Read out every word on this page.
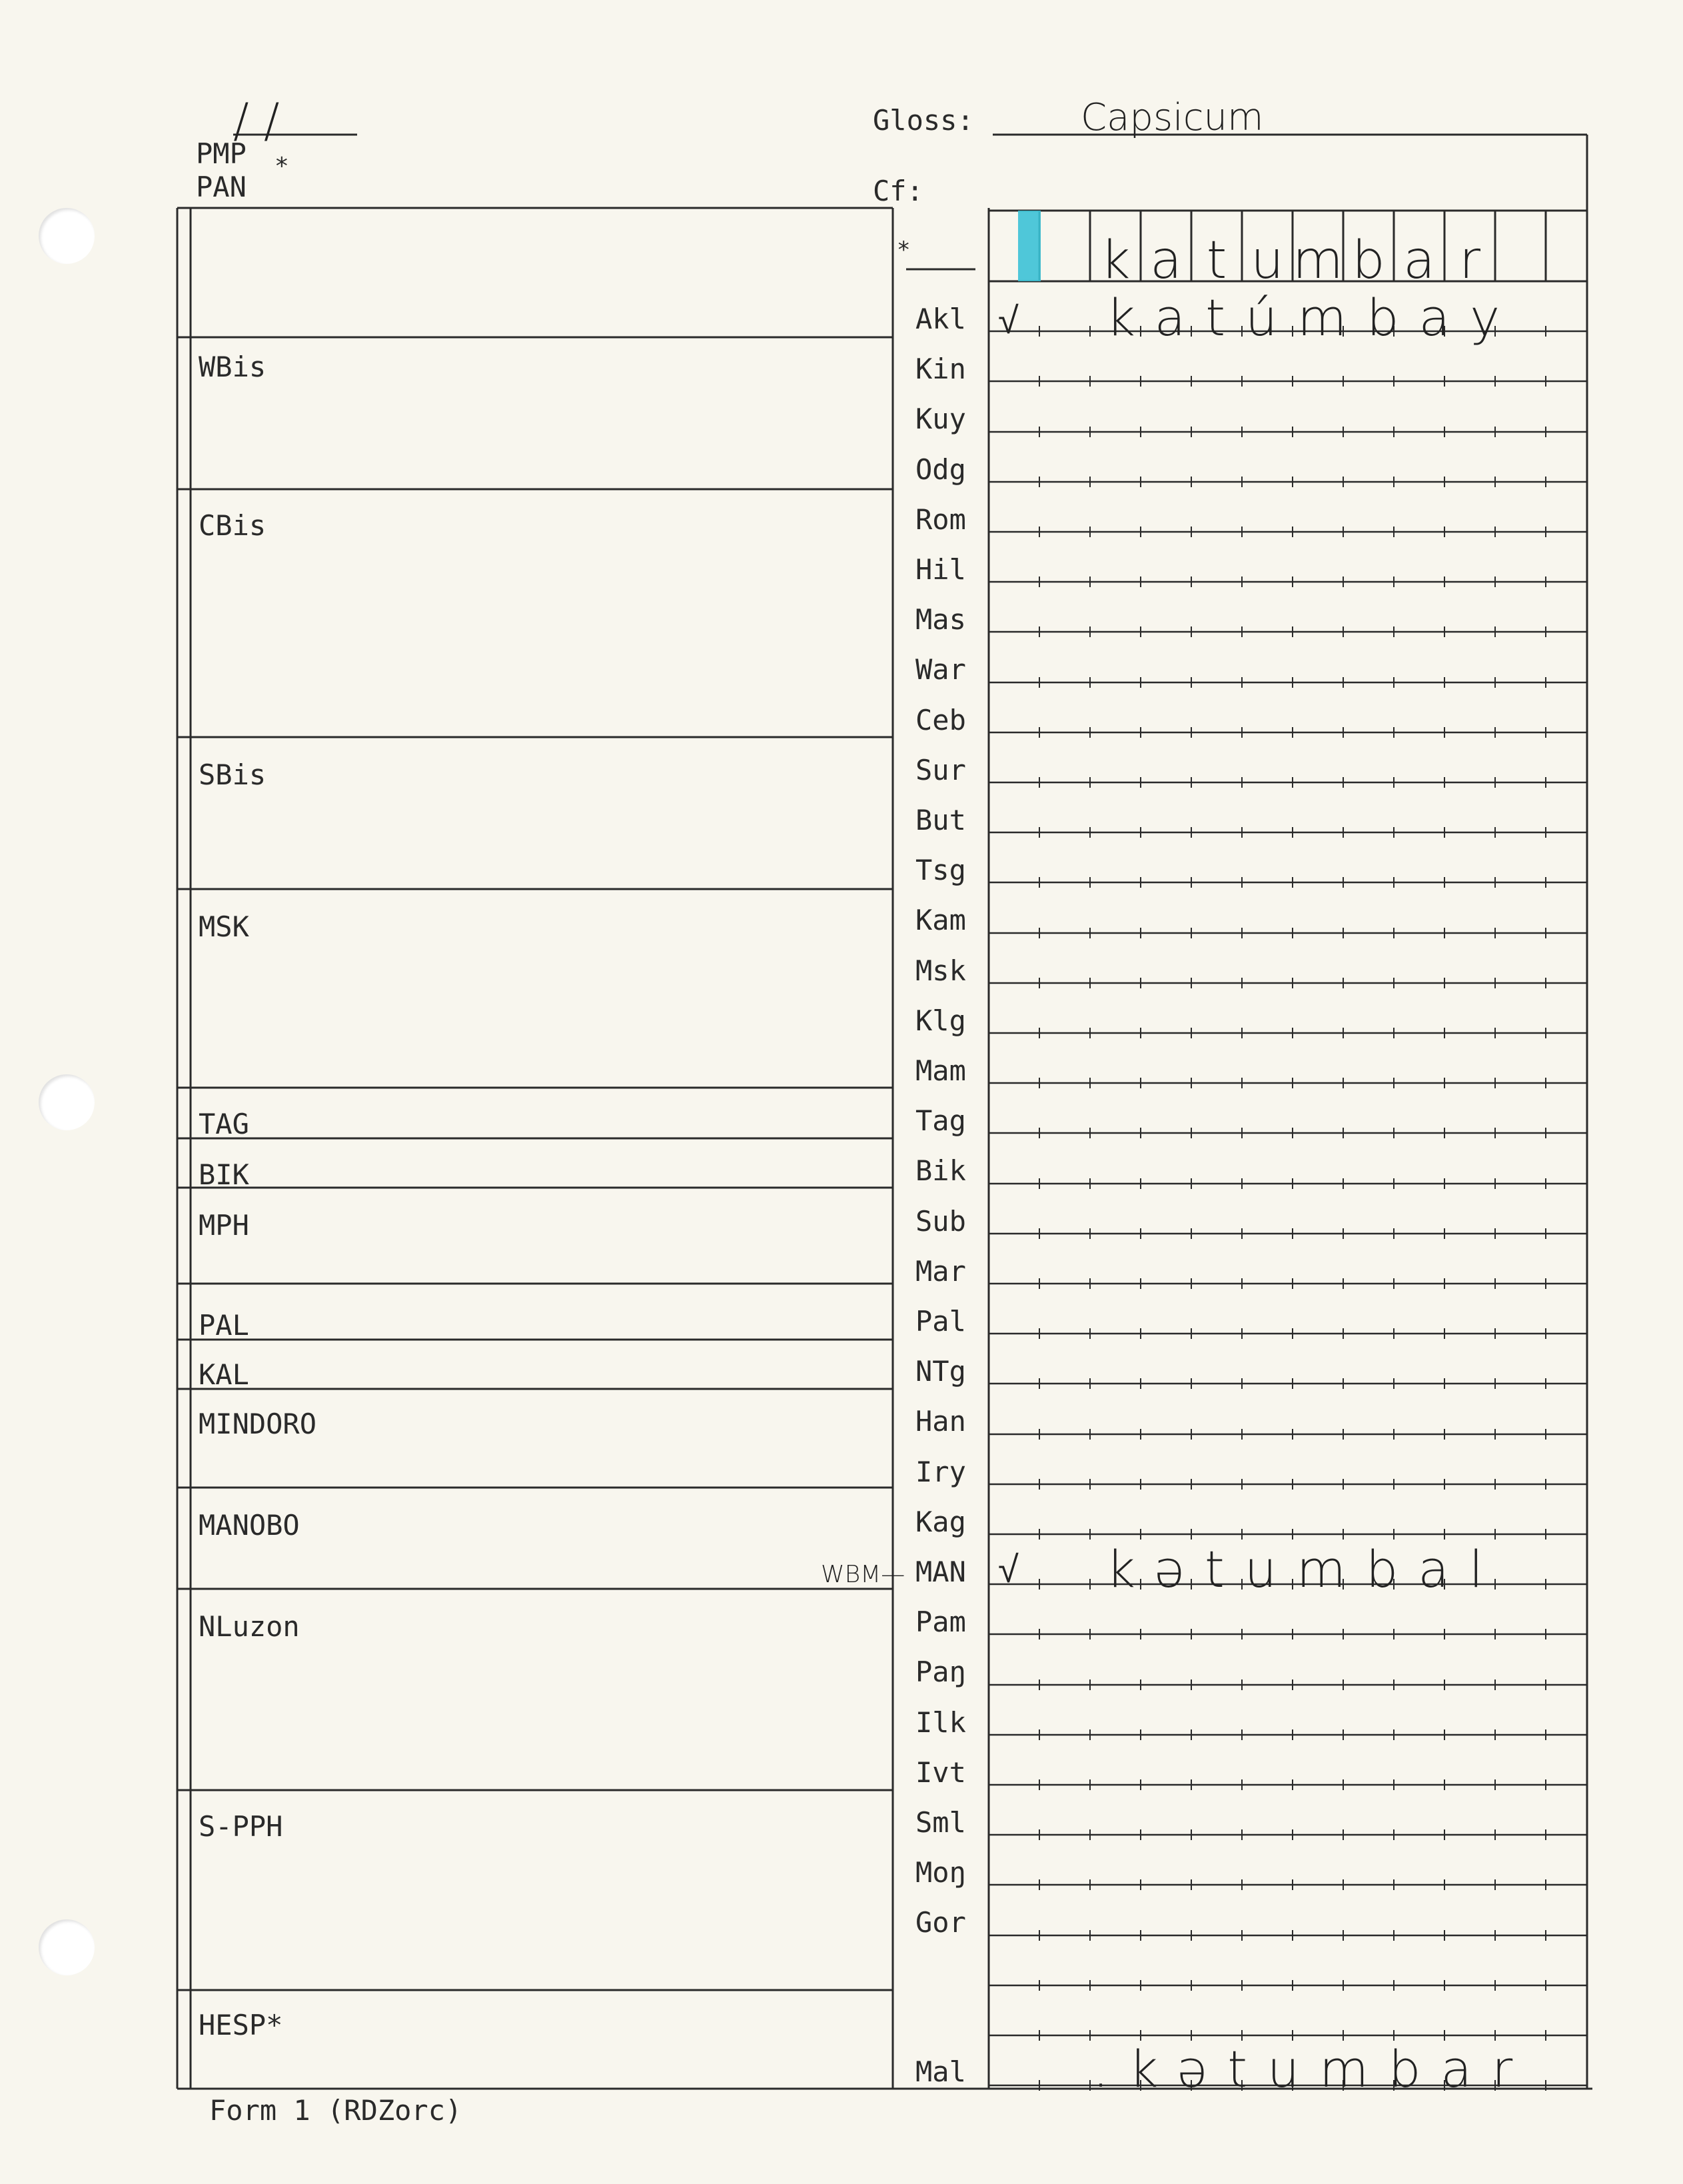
/ /
PMP *
PAN
Gloss:	Capsicum
Cf:
*	k a t u m b a r
WBis
CBis
SBis
MSK
TAG
BIK
MPH
PAL
KAL
MINDORO
MANOBO
NLuzon
S-PPH
HESP*
Akl
Kin
Kuy
Odg
Rom
Hil
Mas
War
Ceb
Sur
But
Tsg
Kam
Msk
Klg
Mam
Tag
Bik
Sub
Mar
Pal
NTg
Han
Iry
Kag
MAN
Pam
Paŋ
Ilk
Ivt
Sml
Moŋ
Gor
Mal
√ katúmbay
WBM— √ kətumbal
.kətumbar
Form 1 (RDZorc)
